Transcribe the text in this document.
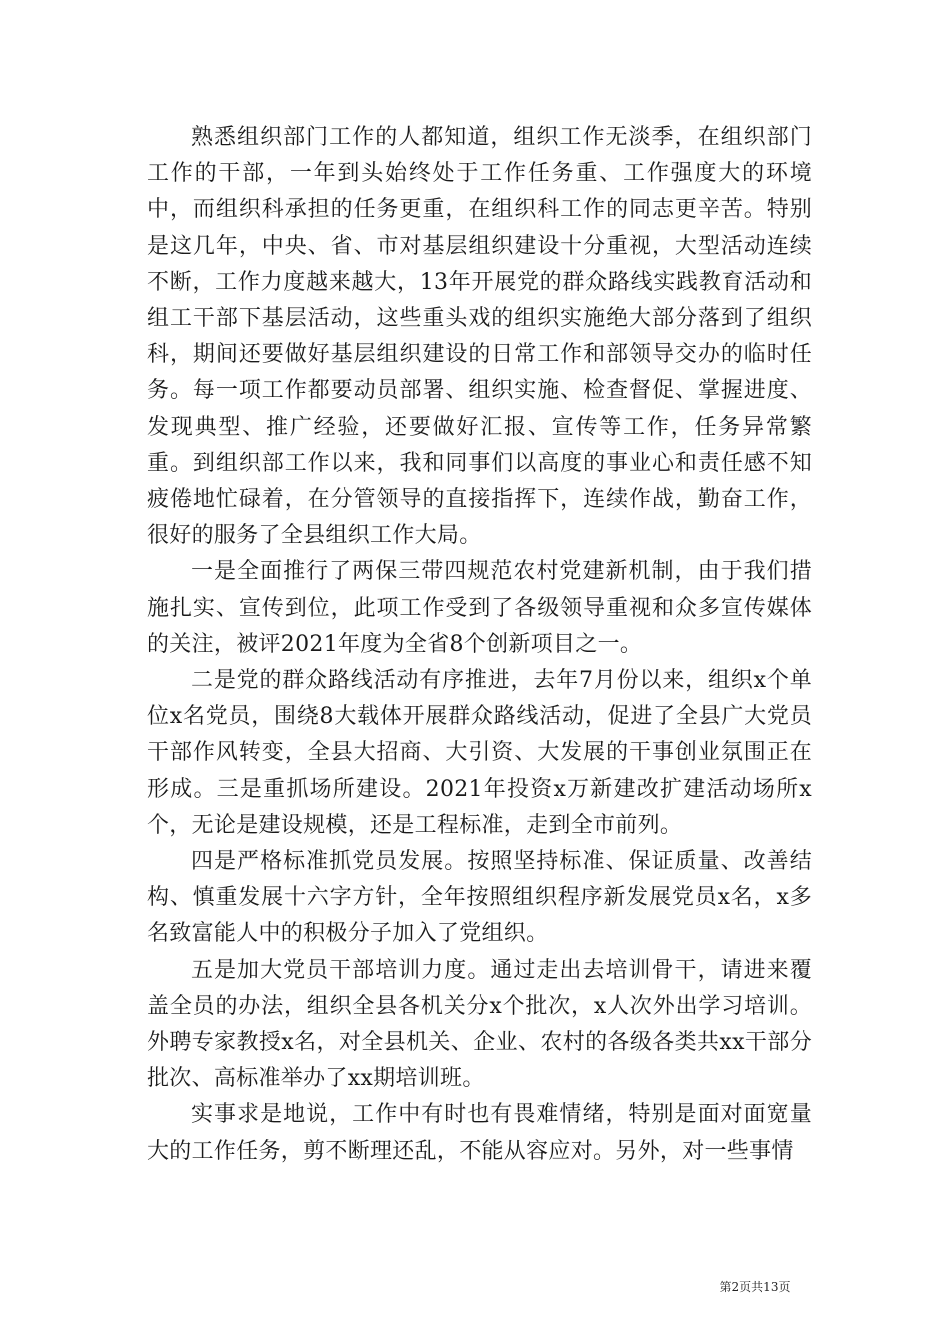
熟悉组织部门工作的人都知道，组织工作无淡季，在组织部门工作的干部，一年到头始终处于工作任务重、工作强度大的环境中，而组织科承担的任务更重，在组织科工作的同志更辛苦。特别是这几年，中央、省、市对基层组织建设十分重视，大型活动连续不断，工作力度越来越大，13年开展党的群众路线实践教育活动和组工干部下基层活动，这些重头戏的组织实施绝大部分落到了组织科，期间还要做好基层组织建设的日常工作和部领导交办的临时任务。每一项工作都要动员部署、组织实施、检查督促、掌握进度、发现典型、推广经验，还要做好汇报、宣传等工作，任务异常繁重。到组织部工作以来，我和同事们以高度的事业心和责任感不知疲倦地忙碌着，在分管领导的直接指挥下，连续作战，勤奋工作，很好的服务了全县组织工作大局。

一是全面推行了两保三带四规范农村党建新机制，由于我们措施扎实、宣传到位，此项工作受到了各级领导重视和众多宣传媒体的关注，被评2021年度为全省8个创新项目之一。

二是党的群众路线活动有序推进，去年7月份以来，组织x个单位x名党员，围绕8大载体开展群众路线活动，促进了全县广大党员干部作风转变，全县大招商、大引资、大发展的干事创业氛围正在形成。三是重抓场所建设。2021年投资x万新建改扩建活动场所x个，无论是建设规模，还是工程标准，走到全市前列。

四是严格标准抓党员发展。按照坚持标准、保证质量、改善结构、慎重发展十六字方针，全年按照组织程序新发展党员x名，x多名致富能人中的积极分子加入了党组织。

五是加大党员干部培训力度。通过走出去培训骨干，请进来覆盖全员的办法，组织全县各机关分x个批次，x人次外出学习培训。外聘专家教授x名，对全县机关、企业、农村的各级各类共xx干部分批次、高标准举办了xx期培训班。

实事求是地说，工作中有时也有畏难情绪，特别是面对面宽量大的工作任务，剪不断理还乱，不能从容应对。另外，对一些事情

第2页共13页
